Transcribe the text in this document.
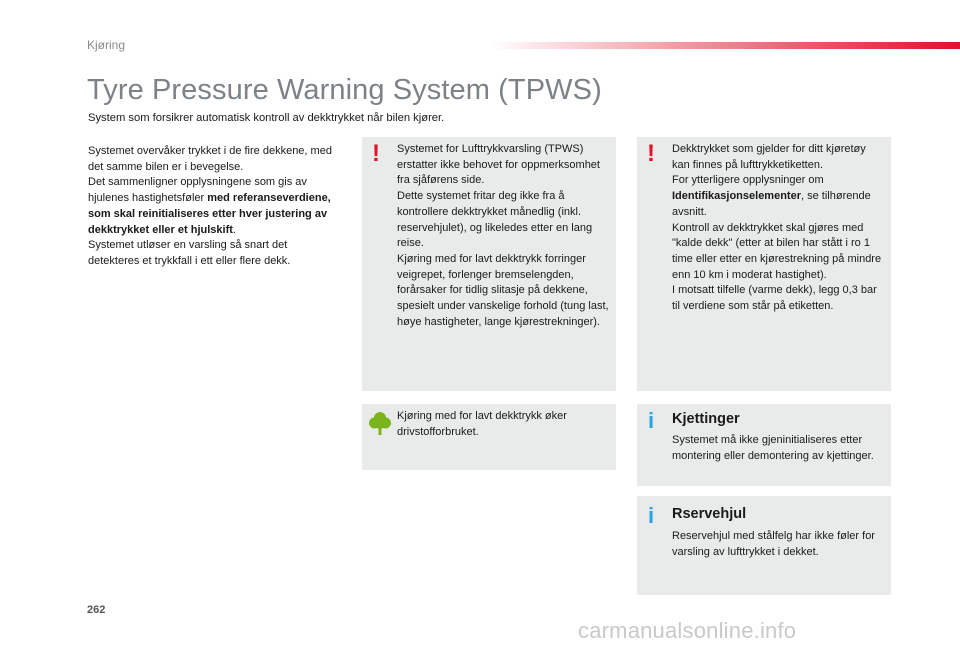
Kjøring
Tyre Pressure Warning System (TPWS)
System som forsikrer automatisk kontroll av dekktrykket når bilen kjører.
Systemet overvåker trykket i de fire dekkene, med det samme bilen er i bevegelse.
Det sammenligner opplysningene som gis av hjulenes hastighetsføler med referanseverdiene, som skal reinitialiseres etter hver justering av dekktrykket eller et hjulskift.
Systemet utløser en varsling så snart det detekteres et trykkfall i ett eller flere dekk.
! Systemet for Lufttrykkvarsling (TPWS) erstatter ikke behovet for oppmerksomhet fra sjåførens side.
Dette systemet fritar deg ikke fra å kontrollere dekktrykket månedlig (inkl. reservehjulet), og likeledes etter en lang reise.
Kjøring med for lavt dekktrykk forringer veigrepet, forlenger bremselengden, forårsaker for tidlig slitasje på dekkene, spesielt under vanskelige forhold (tung last, høye hastigheter, lange kjørestrekninger).
! Dekktrykket som gjelder for ditt kjøretøy kan finnes på lufttrykketiketten.
For ytterligere opplysninger om Identifikasjonselementer, se tilhørende avsnitt.
Kontroll av dekktrykket skal gjøres med "kalde dekk" (etter at bilen har stått i ro 1 time eller etter en kjørestrekning på mindre enn 10 km i moderat hastighet).
I motsatt tilfelle (varme dekk), legg 0,3 bar til verdiene som står på etiketten.
Kjøring med for lavt dekktrykk øker drivstofforbruket.	i Kjettinger
Systemet må ikke gjeninitialiseres etter montering eller demontering av kjettinger.
i Rservehjul
Reservehjul med stålfelg har ikke føler for varsling av lufttrykket i dekket.
262
carmanualsonline.info
